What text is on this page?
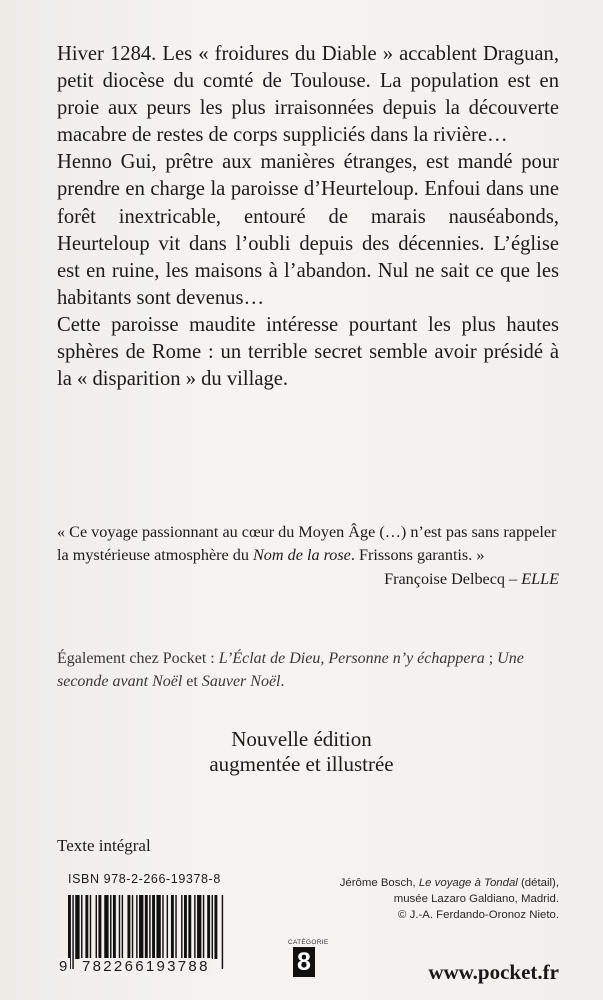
Hiver 1284. Les « froidures du Diable » accablent Draguan, petit diocèse du comté de Toulouse. La population est en proie aux peurs les plus irraisonnées depuis la découverte macabre de restes de corps suppliciés dans la rivière…

Henno Gui, prêtre aux manières étranges, est mandé pour prendre en charge la paroisse d’Heurteloup. Enfoui dans une forêt inextricable, entouré de marais nauséabonds, Heurteloup vit dans l’oubli depuis des décennies. L’église est en ruine, les maisons à l’abandon. Nul ne sait ce que les habitants sont devenus…

Cette paroisse maudite intéresse pourtant les plus hautes sphères de Rome : un terrible secret semble avoir présidé à la « disparition » du village.

« Ce voyage passionnant au cœur du Moyen Âge (…) n’est pas sans rappeler la mystérieuse atmosphère du Nom de la rose. Frissons garantis. »

Françoise Delbecq – ELLE

Également chez Pocket : L’Éclat de Dieu, Personne n’y échappera ; Une seconde avant Noël et Sauver Noël.

Nouvelle édition
augmentée et illustrée
Texte intégral
ISBN 978-2-266-19378-8
9 782266193788
CATÉGORIE
8

Jérôme Bosch, Le voyage à Tondal (détail),

musée Lazaro Galdiano, Madrid.

© J.-A. Ferdando-Oronoz Nieto.

www.pocket.fr
